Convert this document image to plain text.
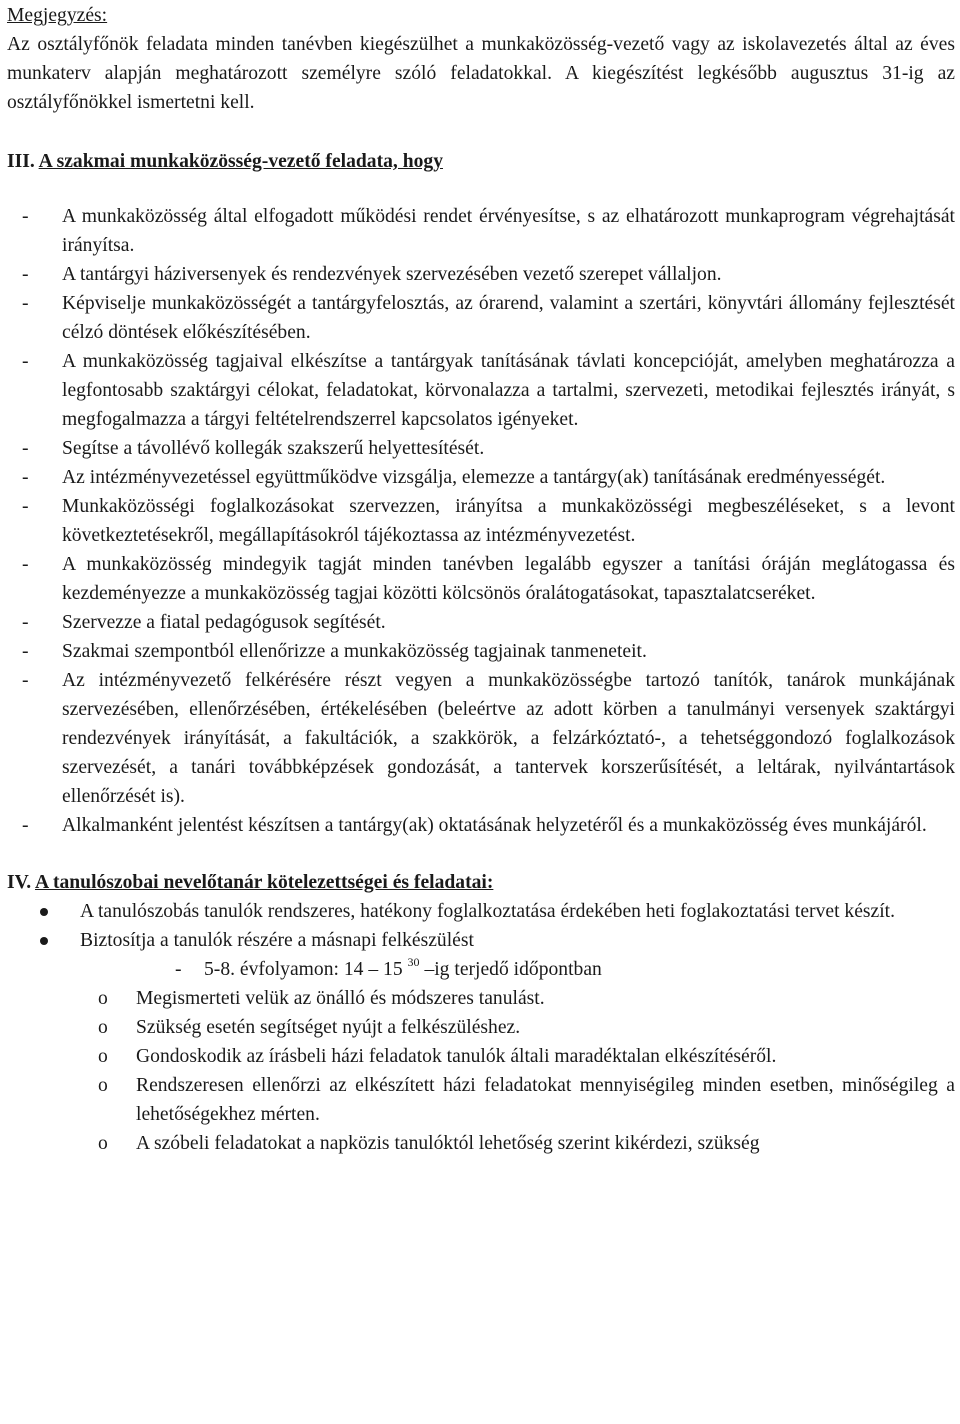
Megjegyzés:

Az osztályfőnök feladata minden tanévben kiegészülhet a munkaközösség-vezető vagy az iskolavezetés által az éves munkaterv alapján meghatározott személyre szóló feladatokkal. A kiegészítést legkésőbb augusztus 31-ig az osztályfőnökkel ismertetni kell.

III. A szakmai munkaközösség-vezető feladata, hogy
-	A munkaközösség által elfogadott működési rendet érvényesítse, s az elhatározott munkaprogram végrehajtását irányítsa.
-	A tantárgyi háziversenyek és rendezvények szervezésében vezető szerepet vállaljon.
-	Képviselje munkaközösségét a tantárgyfelosztás, az órarend, valamint a szertári, könyvtári állomány fejlesztését célzó döntések előkészítésében.
-	A munkaközösség tagjaival elkészítse a tantárgyak tanításának távlati koncepcióját, amelyben meghatározza a legfontosabb szaktárgyi célokat, feladatokat, körvonalazza a tartalmi, szervezeti, metodikai fejlesztés irányát, s megfogalmazza a tárgyi feltételrendszerrel kapcsolatos igényeket.
-	Segítse a távollévő kollegák szakszerű helyettesítését.
-	Az intézményvezetéssel együttműködve vizsgálja, elemezze a tantárgy(ak) tanításának eredményességét.
-	Munkaközösségi foglalkozásokat szervezzen, irányítsa a munkaközösségi megbeszéléseket, s a levont következtetésekről, megállapításokról tájékoztassa az intézményvezetést.
-	A munkaközösség mindegyik tagját minden tanévben legalább egyszer a tanítási óráján meglátogassa és kezdeményezze a munkaközösség tagjai közötti kölcsönös óralátogatásokat, tapasztalatcseréket.
-	Szervezze a fiatal pedagógusok segítését.
-	Szakmai szempontból ellenőrizze a munkaközösség tagjainak tanmeneteit.
-	Az intézményvezető felkérésére részt vegyen a munkaközösségbe tartozó tanítók, tanárok munkájának szervezésében, ellenőrzésében, értékelésében (beleértve az adott körben a tanulmányi versenyek szaktárgyi rendezvények irányítását, a fakultációk, a szakkörök, a felzárkóztató-, a tehetséggondozó foglalkozások szervezését, a tanári továbbképzések gondozását, a tantervek korszerűsítését, a leltárak, nyilvántartások ellenőrzését is).
-	Alkalmanként jelentést készítsen a tantárgy(ak) oktatásának helyzetéről és a munkaközösség éves munkájáról.
IV. A tanulószobai nevelőtanár kötelezettségei és feladatai:
A tanulószobás tanulók rendszeres, hatékony foglalkoztatása érdekében heti foglakoztatási tervet készít.
Biztosítja a tanulók részére a másnapi felkészülést
-	5-8. évfolyamon: 14 – 15 $^{30}$ –ig terjedő időpontban
o Megismerteti velük az önálló és módszeres tanulást.
o Szükség esetén segítséget nyújt a felkészüléshez.
o Gondoskodik az írásbeli házi feladatok tanulók általi maradéktalan elkészítéséről.
o Rendszeresen ellenőrzi az elkészített házi feladatokat mennyiségileg minden esetben, minőségileg a lehetőségekhez mérten.
o A szóbeli feladatokat a napközis tanulóktól lehetőség szerint kikérdezi, szükség
